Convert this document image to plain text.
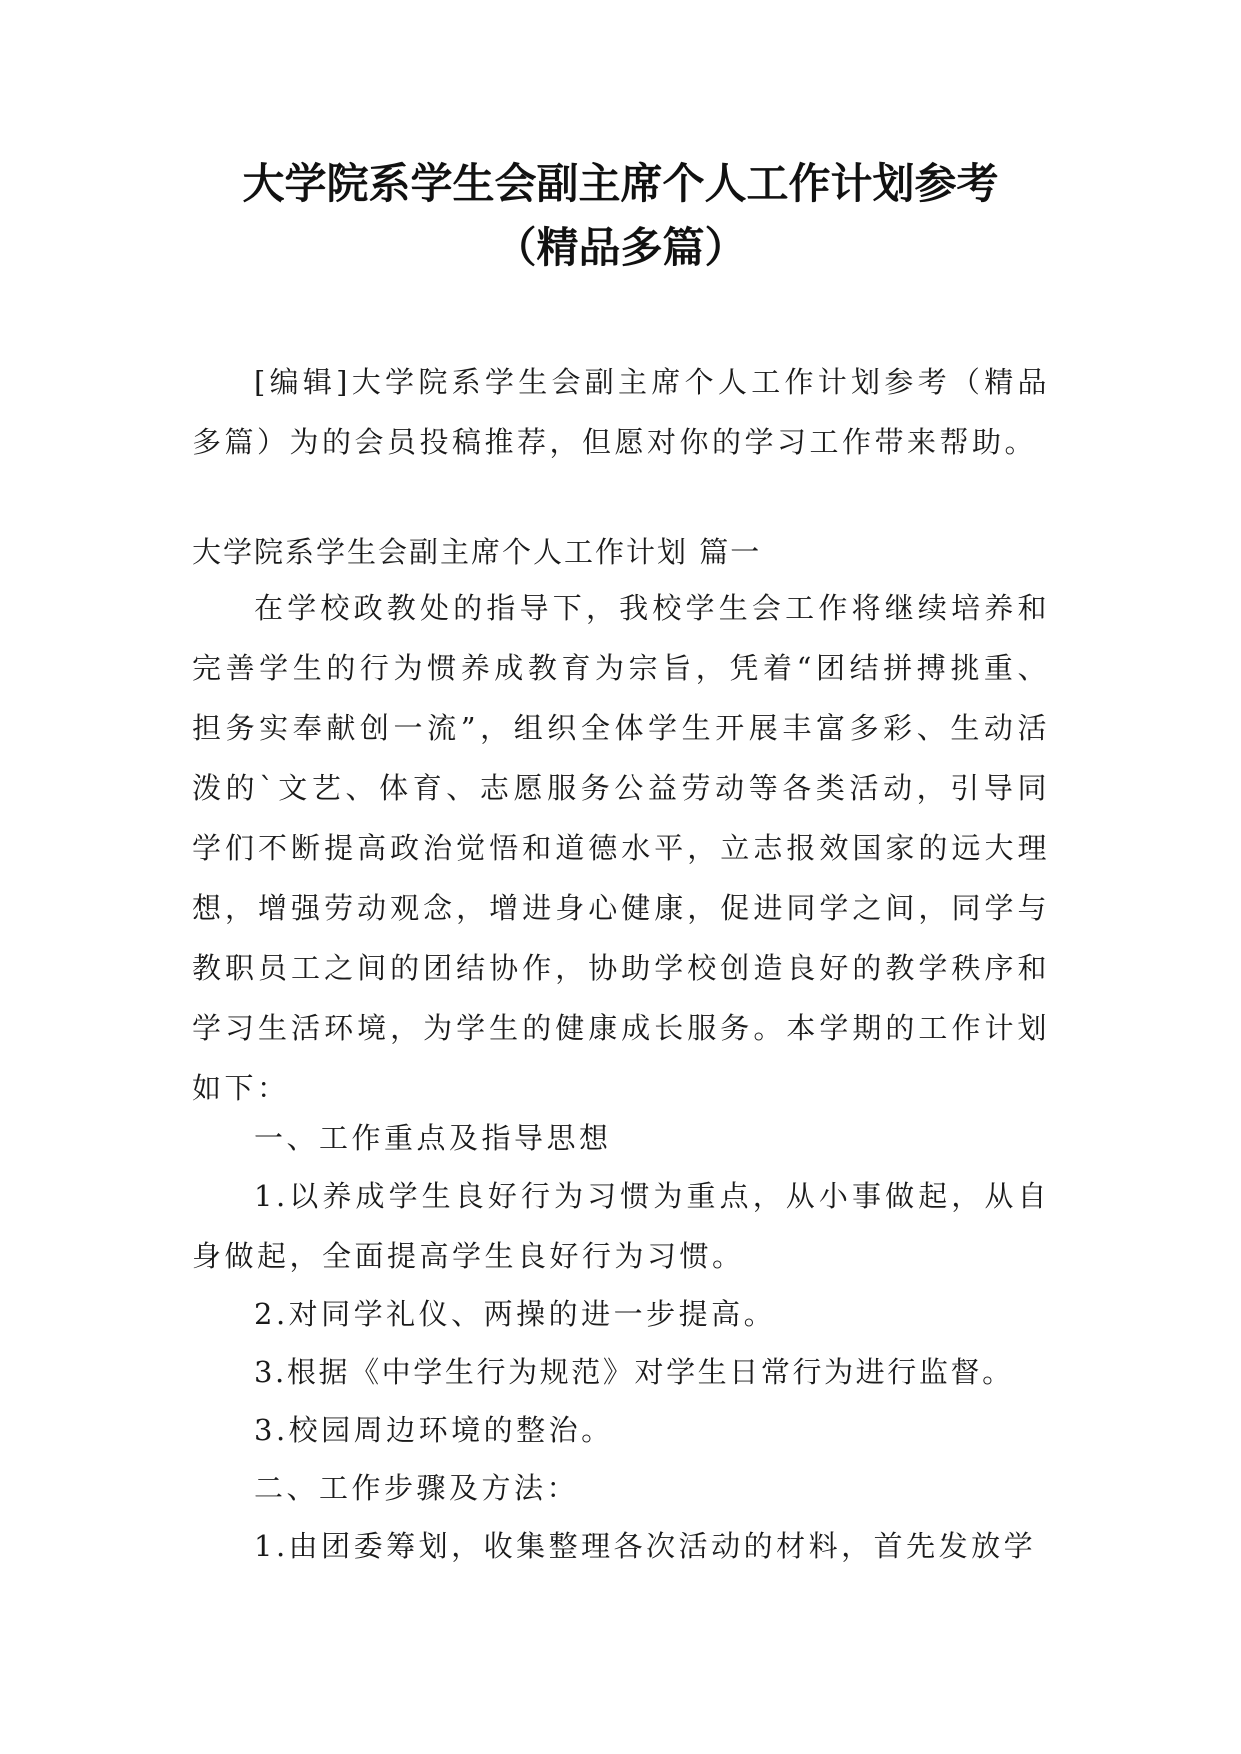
大学院系学生会副主席个人工作计划参考
（精品多篇）

[编辑]大学院系学生会副主席个人工作计划参考（精品多篇）为的会员投稿推荐，但愿对你的学习工作带来帮助。

大学院系学生会副主席个人工作计划 篇一

在学校政教处的指导下，我校学生会工作将继续培养和完善学生的行为惯养成教育为宗旨，凭着“团结拼搏挑重、担务实奉献创一流”，组织全体学生开展丰富多彩、生动活泼的`文艺、体育、志愿服务公益劳动等各类活动，引导同学们不断提高政治觉悟和道德水平，立志报效国家的远大理想，增强劳动观念，增进身心健康，促进同学之间，同学与教职员工之间的团结协作，协助学校创造良好的教学秩序和学习生活环境，为学生的健康成长服务。本学期的工作计划如下：

一、工作重点及指导思想

1.以养成学生良好行为习惯为重点，从小事做起，从自身做起，全面提高学生良好行为习惯。

2.对同学礼仪、两操的进一步提高。

3.根据《中学生行为规范》对学生日常行为进行监督。

3.校园周边环境的整治。

二、工作步骤及方法：

1.由团委筹划，收集整理各次活动的材料，首先发放学
